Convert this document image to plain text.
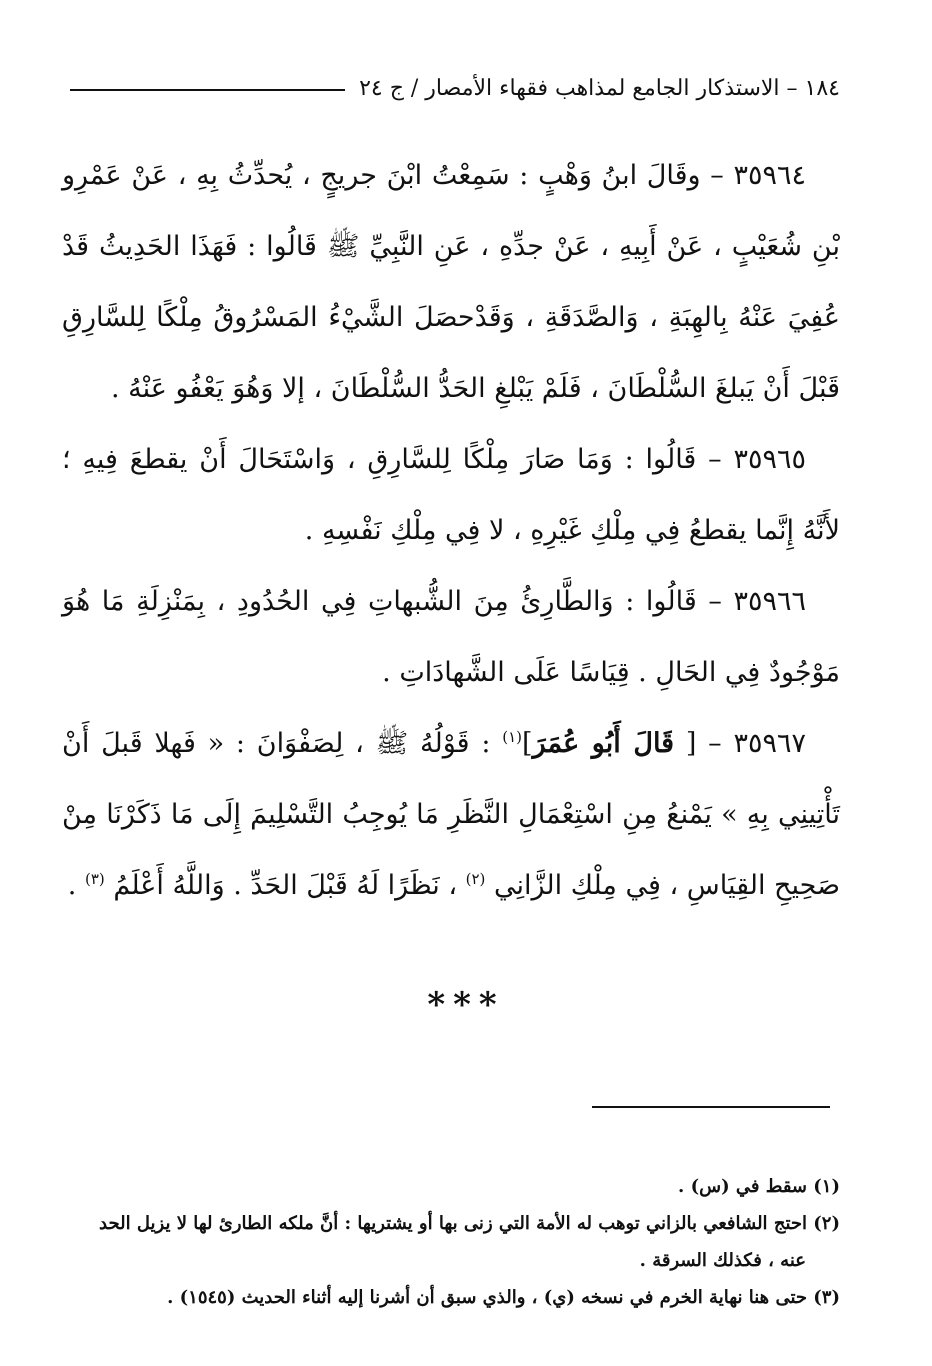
١٨٤ – الاستذكار الجامع لمذاهب فقهاء الأمصار / ج ٢٤

٣٥٩٦٤ – وقَالَ ابنُ وَهْبٍ : سَمِعْتُ ابْنَ جريجٍ ، يُحدِّثُ بِهِ ، عَنْ عَمْرِو بْنِ شُعَيْبٍ ، عَنْ أَبِيهِ ، عَنْ جدِّهِ ، عَنِ النَّبِيِّ ﷺ قَالُوا : فَهَذَا الحَدِيثُ قَدْ عُفِيَ عَنْهُ بِالهِبَةِ ، وَالصَّدَقَةِ ، وَقَدْحصَلَ الشَّيْءُ المَسْرُوقُ مِلْكًا لِلسَّارِقِ قَبْلَ أَنْ يَبلغَ السُّلْطَانَ ، فَلَمْ يَبْلغِ الحَدُّ السُّلْطَانَ ، إلا وَهُوَ يَعْفُو عَنْهُ .

٣٥٩٦٥ – قَالُوا : وَمَا صَارَ مِلْكًا لِلسَّارِقِ ، وَاسْتَحَالَ أَنْ يقطعَ فِيهِ ؛ لأَنَّهُ إِنَّما يقطعُ فِي مِلْكِ غَيْرِهِ ، لا فِي مِلْكِ نَفْسِهِ .

٣٥٩٦٦ – قَالُوا : وَالطَّارِئُ مِنَ الشُّبهاتِ فِي الحُدُودِ ، بِمَنْزِلَةِ مَا هُوَ مَوْجُودٌ فِي الحَالِ . قِيَاسًا عَلَى الشَّهادَاتِ .

٣٥٩٦٧ – [ قَالَ أَبُو عُمَرَ]$^{(١)}$ : قَوْلُهُ ﷺ ، لِصَفْوَانَ : « فَهلا قَبلَ أَنْ تَأْتِينِي بِهِ » يَمْنعُ مِنِ اسْتِعْمَالِ النَّظَرِ مَا يُوجِبُ التَّسْلِيمَ إِلَى مَا ذَكَرْنَا مِنْ صَحِيحِ القِيَاسِ ، فِي مِلْكِ الزَّانِي $^{(٢)}$ ، نَظَرًا لَهُ قَبْلَ الحَدِّ . وَاللَّهُ أَعْلَمُ $^{(٣)}$ .

***

(١) سقط في (س) .

(٢) احتج الشافعي بالزاني توهب له الأمة التي زنى بها أو يشتريها : أنَّ ملكه الطارئ لها لا يزيل الحد

عنه ، فكذلك السرقة .

(٣) حتى هنا نهاية الخرم في نسخه (ي) ، والذي سبق أن أشرنا إليه أثناء الحديث (١٥٤٥) .
